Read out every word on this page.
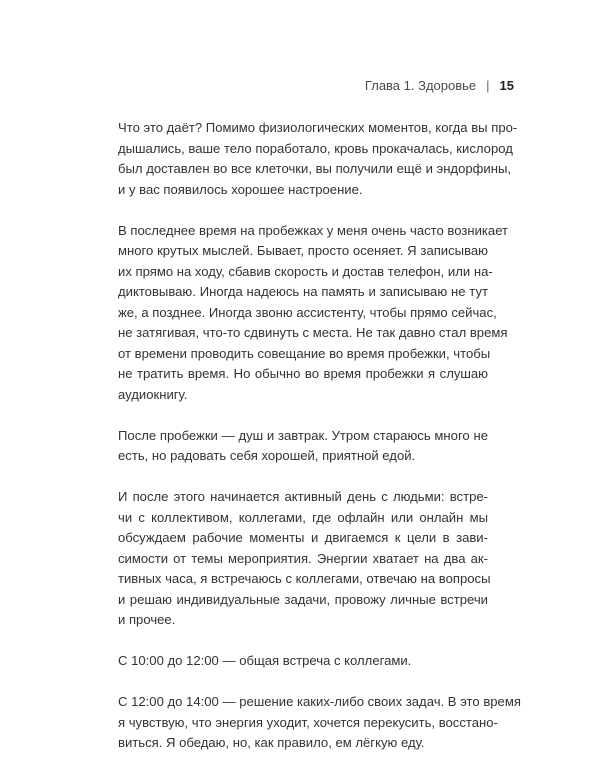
Глава 1. Здоровье | 15

Что это даёт? Помимо физиологических моментов, когда вы про-
дышались, ваше тело поработало, кровь прокачалась, кислород
был доставлен во все клеточки, вы получили ещё и эндорфины,
и у вас появилось хорошее настроение.

В последнее время на пробежках у меня очень часто возникает
много крутых мыслей. Бывает, просто осеняет. Я записываю
их прямо на ходу, сбавив скорость и достав телефон, или на-
диктовываю. Иногда надеюсь на память и записываю не тут
же, а позднее. Иногда звоню ассистенту, чтобы прямо сейчас,
не затягивая, что-то сдвинуть с места. Не так давно стал время
от времени проводить совещание во время пробежки, чтобы
не тратить время. Но обычно во время пробежки я слушаю
аудиокнигу.

После пробежки — душ и завтрак. Утром стараюсь много не
есть, но радовать себя хорошей, приятной едой.

И после этого начинается активный день с людьми: встре-
чи с коллективом, коллегами, где офлайн или онлайн мы
обсуждаем рабочие моменты и двигаемся к цели в зави-
симости от темы мероприятия. Энергии хватает на два ак-
тивных часа, я встречаюсь с коллегами, отвечаю на вопросы
и решаю индивидуальные задачи, провожу личные встречи
и прочее.

С 10:00 до 12:00 — общая встреча с коллегами.

С 12:00 до 14:00 — решение каких-либо своих задач. В это время
я чувствую, что энергия уходит, хочется перекусить, восстано-
виться. Я обедаю, но, как правило, ем лёгкую еду.
